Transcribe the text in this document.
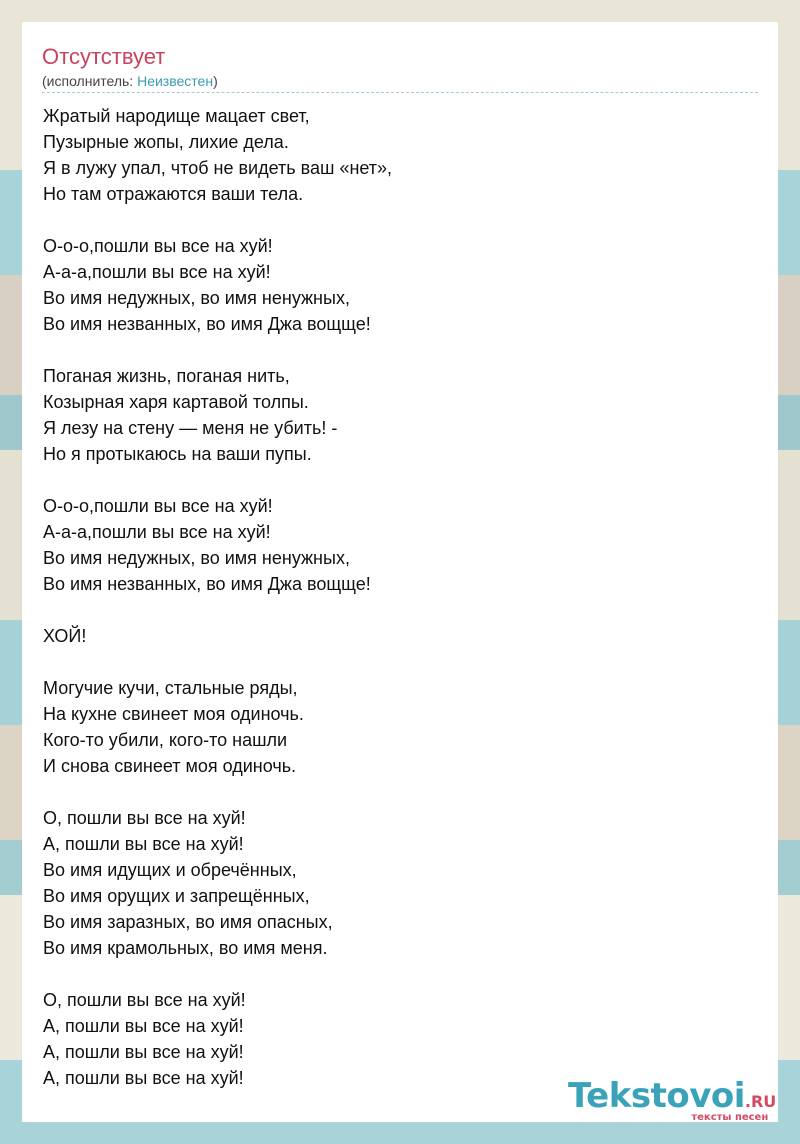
Отсутствует
(исполнитель: Неизвестен)
Жратый народище мацает свет,
Пузырные жопы, лихие дела.
Я в лужу упал, чтоб не видеть ваш «нет»,
Но там отражаются ваши тела.
О-о-о,пошли вы все на хуй!
А-а-а,пошли вы все на хуй!
Во имя недужных, во имя ненужных,
Во имя незванных, во имя Джа вощще!
Поганая жизнь, поганая нить,
Козырная харя картавой толпы.
Я лезу на стену — меня не убить! -
Но я протыкаюсь на ваши пупы.
О-о-о,пошли вы все на хуй!
А-а-а,пошли вы все на хуй!
Во имя недужных, во имя ненужных,
Во имя незванных, во имя Джа вощще!
ХОЙ!
Могучие кучи, стальные ряды,
На кухне свинеет моя одиночь.
Кого-то убили, кого-то нашли
И снова свинеет моя одиночь.
О, пошли вы все на хуй!
А, пошли вы все на хуй!
Во имя идущих и обречённых,
Во имя орущих и запрещённых,
Во имя заразных, во имя опасных,
Во имя крамольных, во имя меня.
О, пошли вы все на хуй!
А, пошли вы все на хуй!
А, пошли вы все на хуй!
А, пошли вы все на хуй!	Tekstovoi.RU
тексты песен
